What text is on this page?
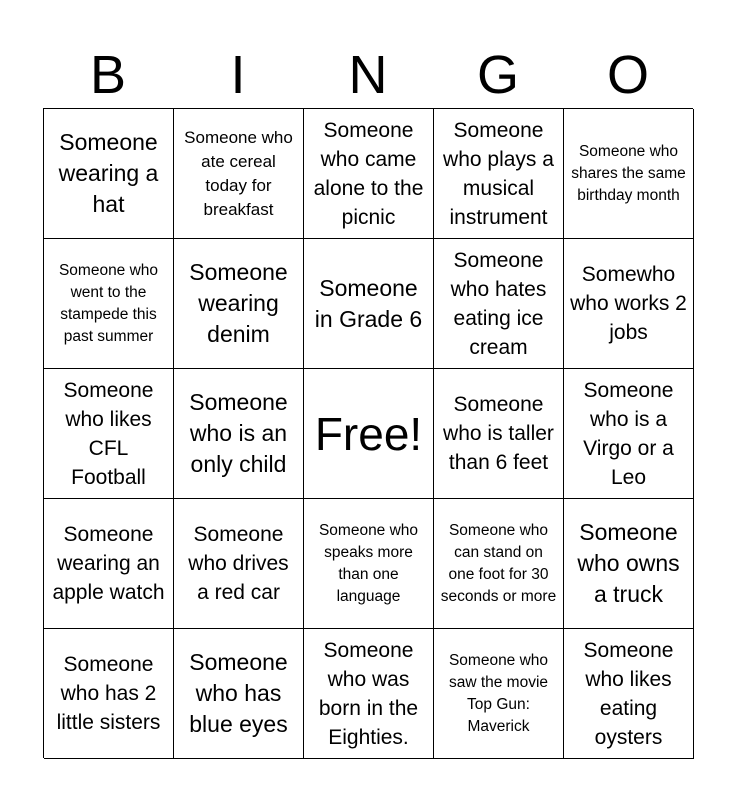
B	I	N	G	O
Someone wearing a hat
Someone who ate cereal today for breakfast
Someone who came alone to the picnic
Someone who plays a musical instrument
Someone who shares the same birthday month
Someone who went to the stampede this past summer
Someone wearing denim
Someone in Grade 6
Someone who hates eating ice cream
Somewho who works 2 jobs
Someone who likes CFL Football
Someone who is an only child
Free!
Someone who is taller than 6 feet
Someone who is a Virgo or a Leo
Someone wearing an apple watch
Someone who drives a red car
Someone who speaks more than one language
Someone who can stand on one foot for 30 seconds or more
Someone who owns a truck
Someone who has 2 little sisters
Someone who has blue eyes
Someone who was born in the Eighties.
Someone who saw the movie Top Gun: Maverick
Someone who likes eating oysters
